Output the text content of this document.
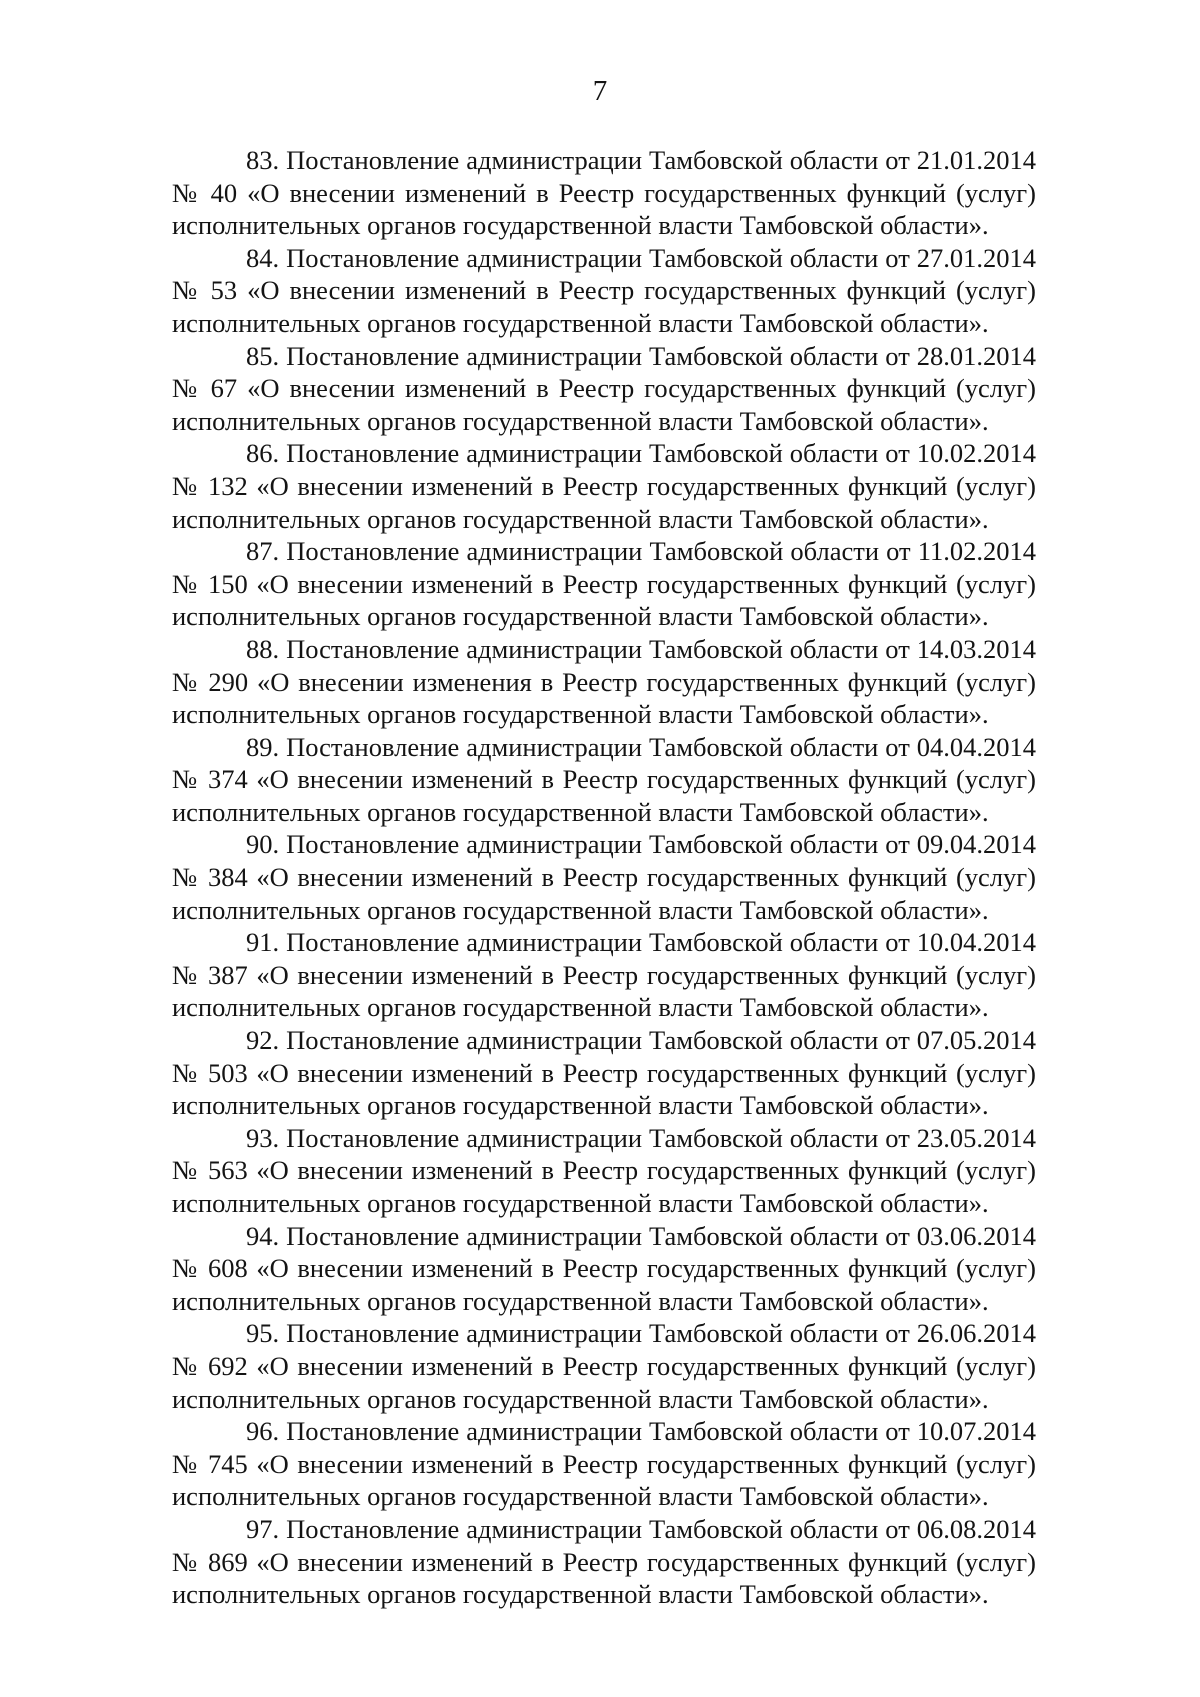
7

83. Постановление администрации Тамбовской области от 21.01.2014
№ 40 «О внесении изменений в Реестр государственных функций (услуг)
исполнительных органов государственной власти Тамбовской области».

84. Постановление администрации Тамбовской области от 27.01.2014
№ 53 «О внесении изменений в Реестр государственных функций (услуг)
исполнительных органов государственной власти Тамбовской области».

85. Постановление администрации Тамбовской области от 28.01.2014
№ 67 «О внесении изменений в Реестр государственных функций (услуг)
исполнительных органов государственной власти Тамбовской области».

86. Постановление администрации Тамбовской области от 10.02.2014
№ 132 «О внесении изменений в Реестр государственных функций (услуг)
исполнительных органов государственной власти Тамбовской области».

87. Постановление администрации Тамбовской области от 11.02.2014
№ 150 «О внесении изменений в Реестр государственных функций (услуг)
исполнительных органов государственной власти Тамбовской области».

88. Постановление администрации Тамбовской области от 14.03.2014
№ 290 «О внесении изменения в Реестр государственных функций (услуг)
исполнительных органов государственной власти Тамбовской области».

89. Постановление администрации Тамбовской области от 04.04.2014
№ 374 «О внесении изменений в Реестр государственных функций (услуг)
исполнительных органов государственной власти Тамбовской области».

90. Постановление администрации Тамбовской области от 09.04.2014
№ 384 «О внесении изменений в Реестр государственных функций (услуг)
исполнительных органов государственной власти Тамбовской области».

91. Постановление администрации Тамбовской области от 10.04.2014
№ 387 «О внесении изменений в Реестр государственных функций (услуг)
исполнительных органов государственной власти Тамбовской области».

92. Постановление администрации Тамбовской области от 07.05.2014
№ 503 «О внесении изменений в Реестр государственных функций (услуг)
исполнительных органов государственной власти Тамбовской области».

93. Постановление администрации Тамбовской области от 23.05.2014
№ 563 «О внесении изменений в Реестр государственных функций (услуг)
исполнительных органов государственной власти Тамбовской области».

94. Постановление администрации Тамбовской области от 03.06.2014
№ 608 «О внесении изменений в Реестр государственных функций (услуг)
исполнительных органов государственной власти Тамбовской области».

95. Постановление администрации Тамбовской области от 26.06.2014
№ 692 «О внесении изменений в Реестр государственных функций (услуг)
исполнительных органов государственной власти Тамбовской области».

96. Постановление администрации Тамбовской области от 10.07.2014
№ 745 «О внесении изменений в Реестр государственных функций (услуг)
исполнительных органов государственной власти Тамбовской области».

97. Постановление администрации Тамбовской области от 06.08.2014
№ 869 «О внесении изменений в Реестр государственных функций (услуг)
исполнительных органов государственной власти Тамбовской области».
